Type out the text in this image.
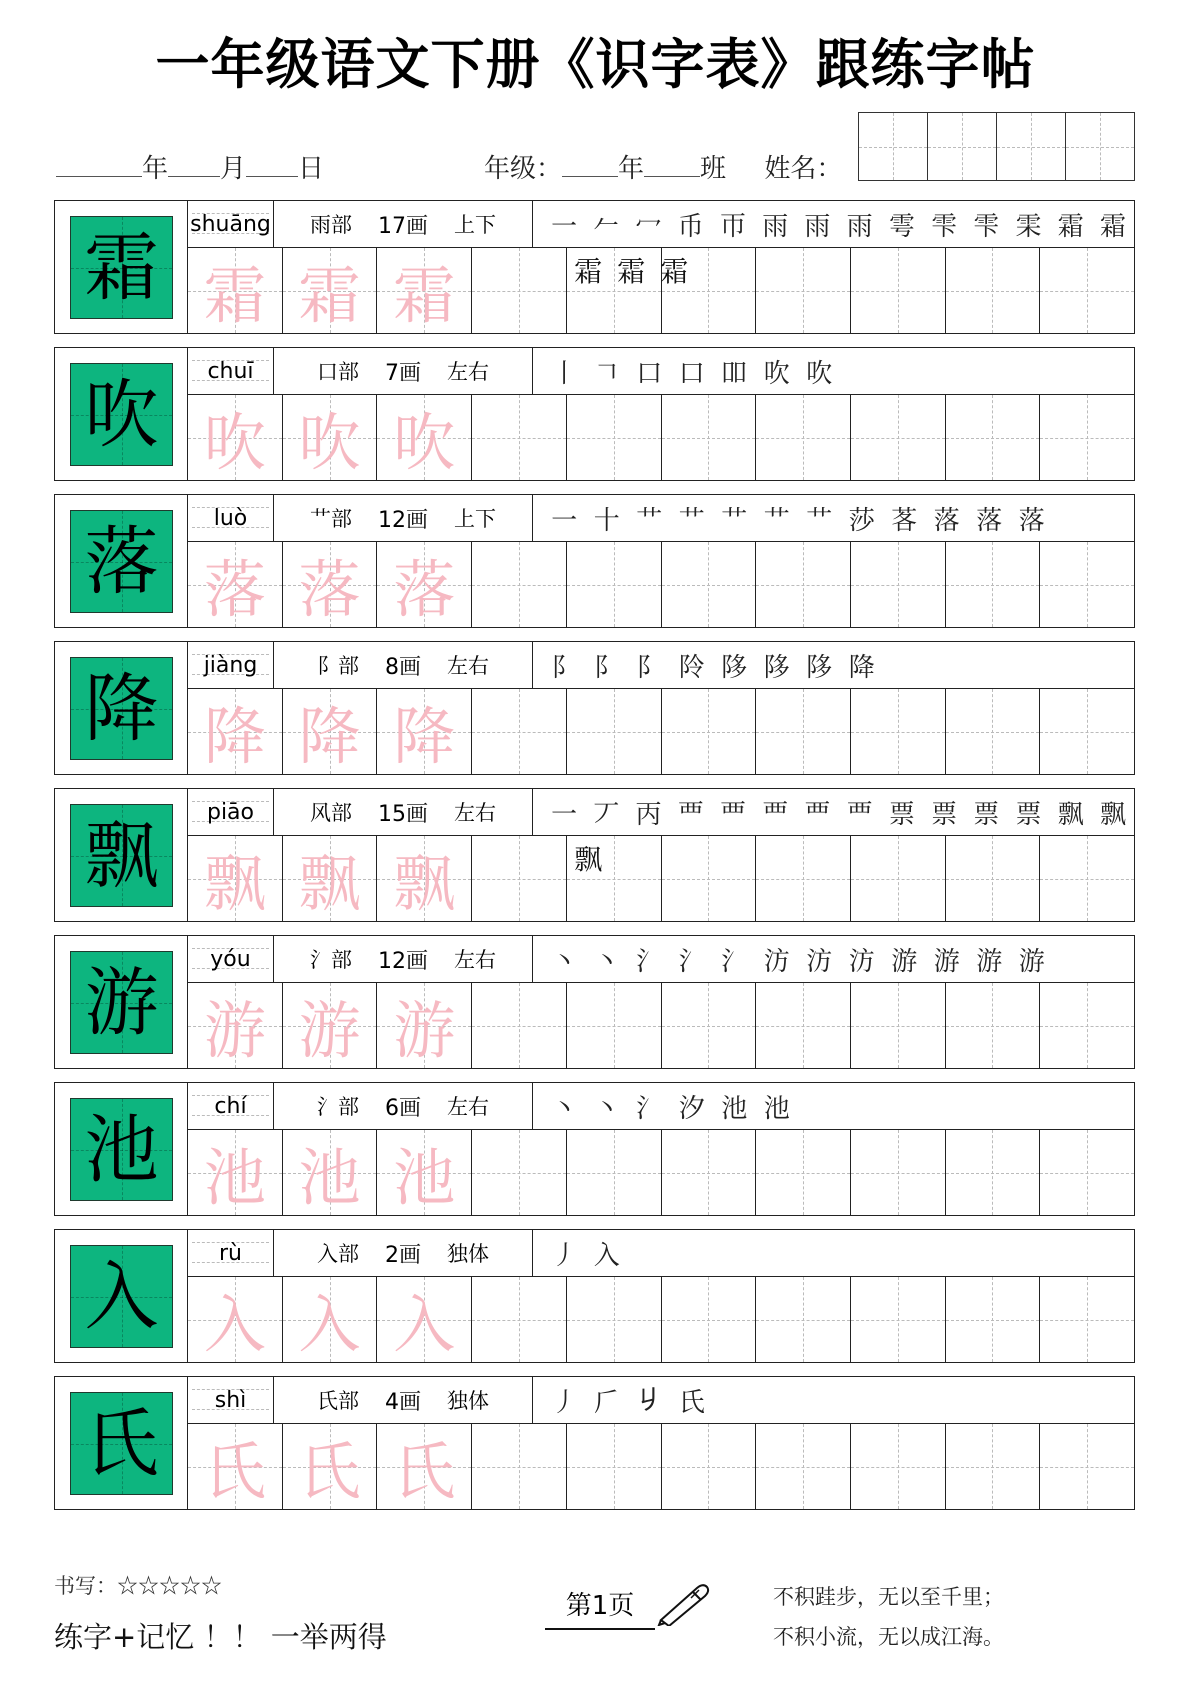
一年级语文下册《识字表》跟练字帖
年 月 日	年级： 年 班 姓名：
霜
shuāng 雨部 17画 上下	一 𠂉 冖 币 帀 雨 雨 雨 雩 雫 雫 雬 霜 霜
霜 霜 霜	霜 霜 霜
吹
chuī	口部 7画 左右	丨 𠃍 口 口 吅 吹 吹
吹 吹 吹
落
luò	艹部 12画 上下	一 十 艹 艹 艹 艹 艹 莎 茖 落 落 落
落 落 落
降
jiàng	阝部 8画 左右	阝 阝 阝 阾 陊 陊 陊 降
降 降 降
飘
piāo	风部 15画 左右	一 丆 丙 覀 覀 覀 覀 覀 票 票 票 票 飘 飘
飘 飘 飘	飘
游
yóu	氵部 12画 左右	丶 丶 氵 氵 氵 汸 汸 汸 游 游 游 游
游 游 游
池
chí	氵部 6画 左右	丶 丶 氵 汐 池 池
池 池 池
入
rù	入部 2画 独体	丿 入
入 入 入
氏
shì	氏部 4画 独体	丿 𠂆 𠂈 氏
氏 氏 氏
书写：☆☆☆☆☆
练字+记忆 ！！ 一举两得
第1页	不积跬步，无以至千里；
不积小流，无以成江海。
